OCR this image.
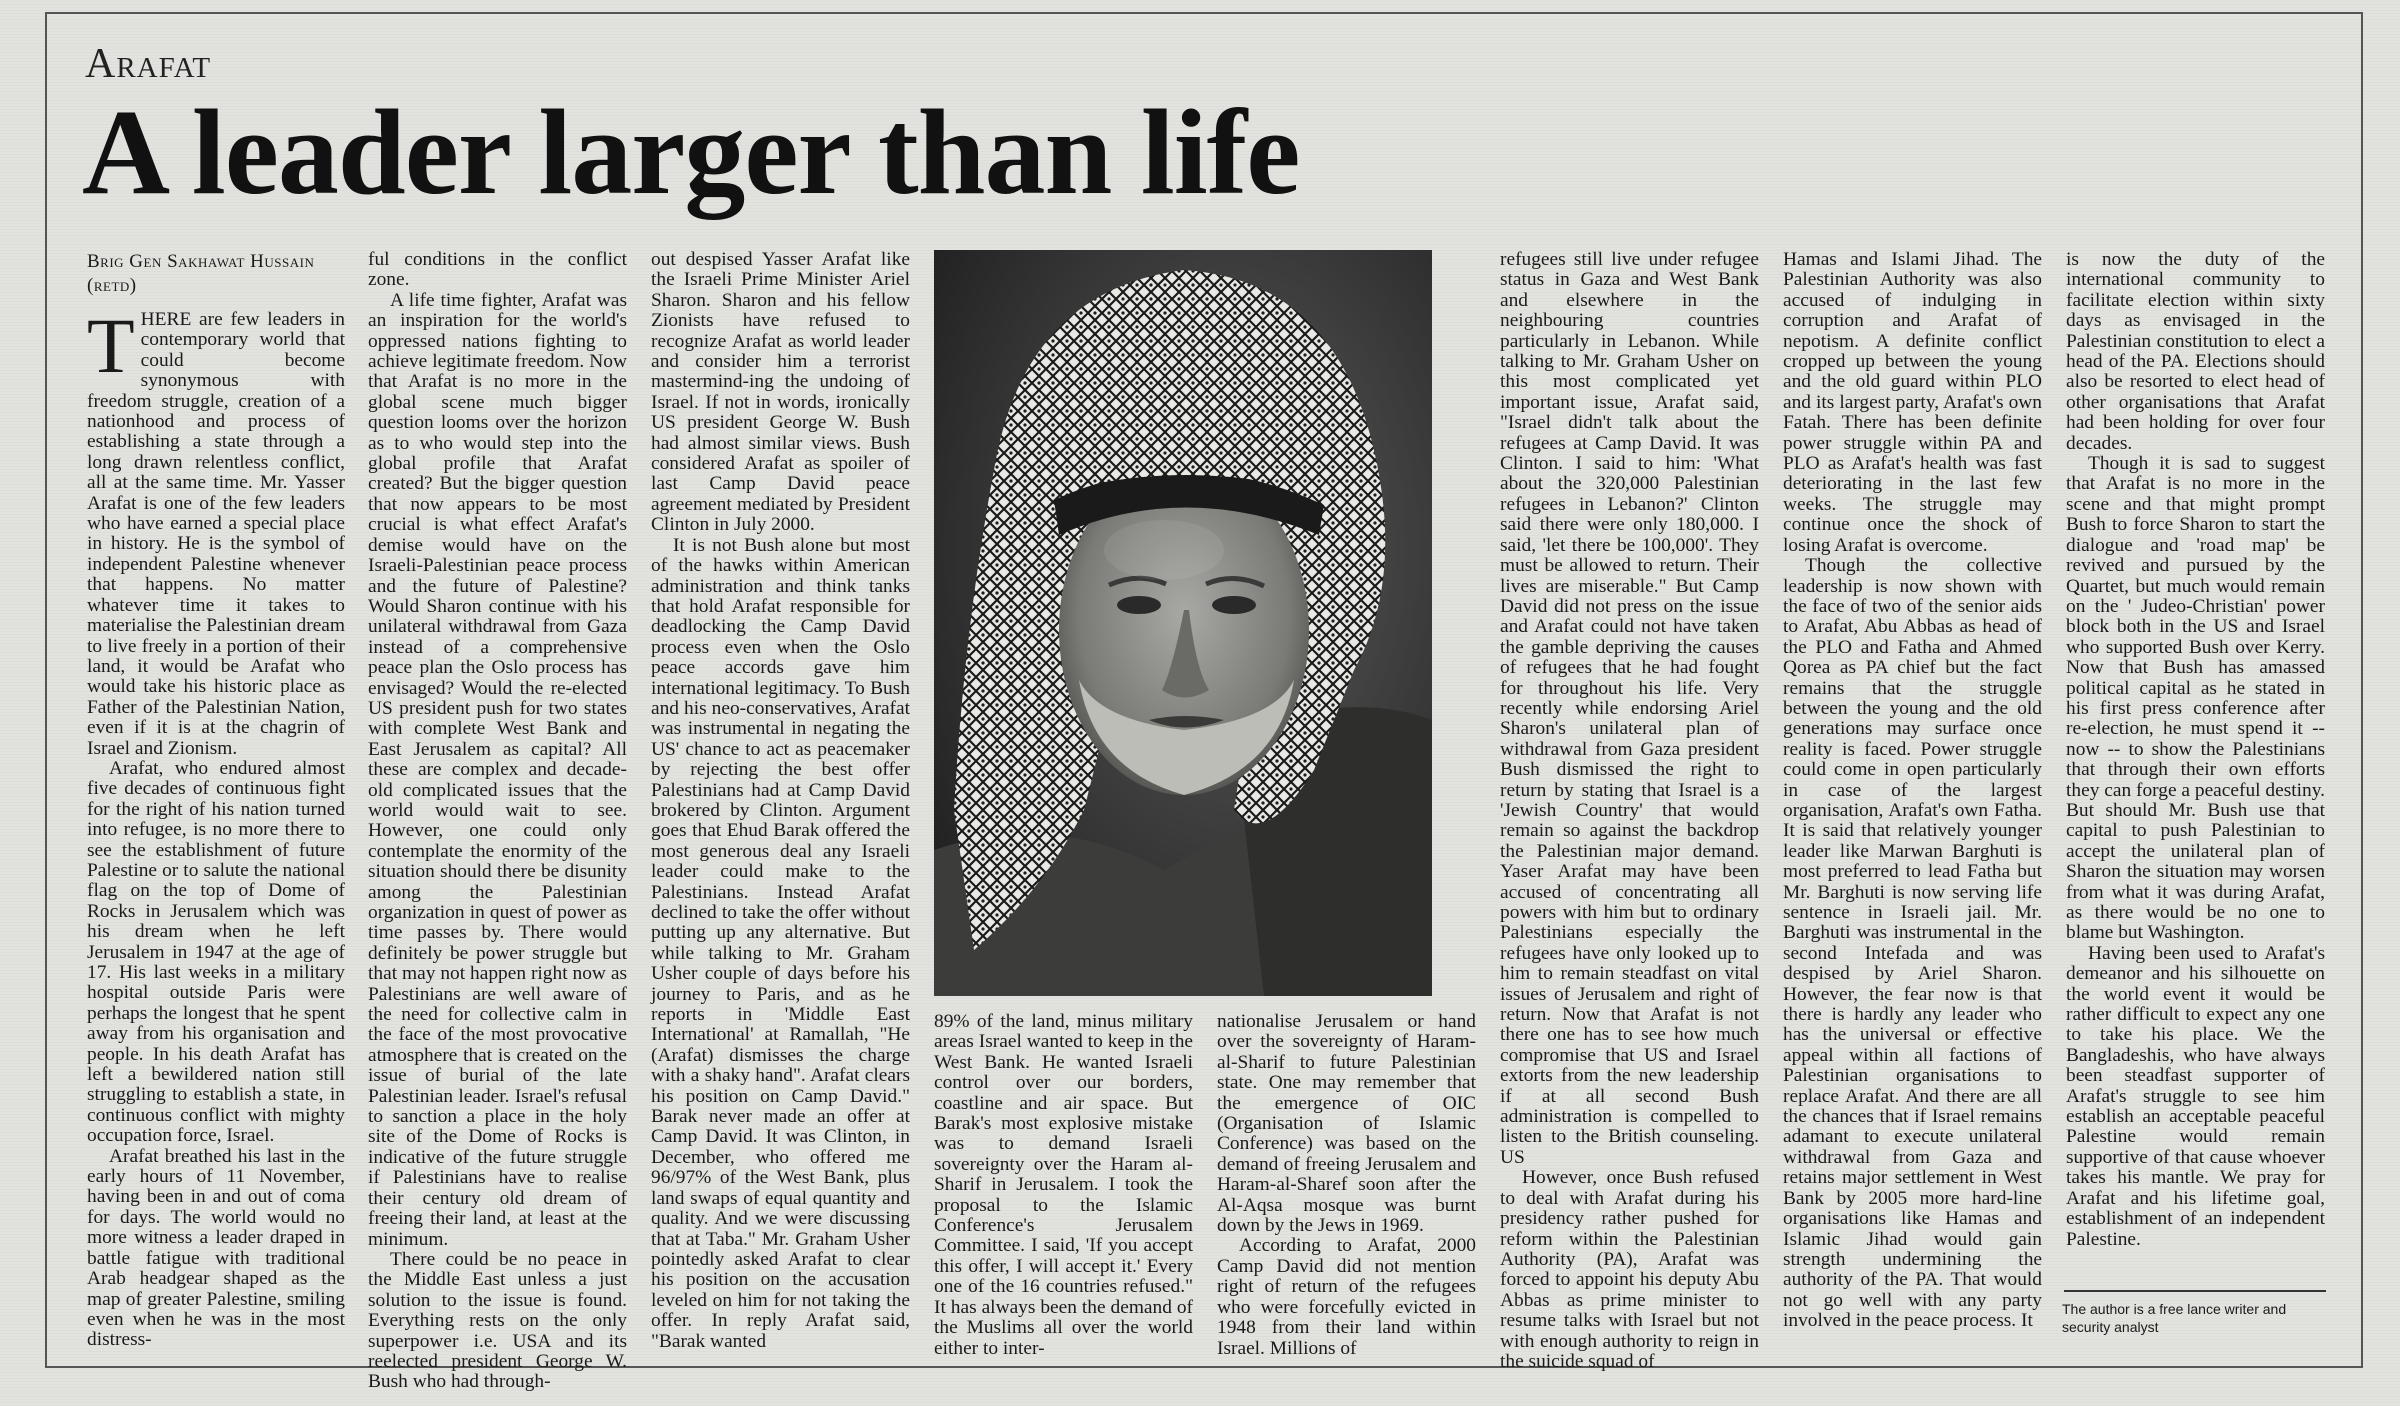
Arafat
A leader larger than life
Brig Gen Sakhawat Hussain
(retd)

THERE are few leaders in contemporary world that could become synonymous with freedom struggle, creation of a nationhood and process of establishing a state through a long drawn relentless conflict, all at the same time. Mr. Yasser Arafat is one of the few leaders who have earned a special place in history. He is the symbol of independent Palestine whenever that happens. No matter whatever time it takes to materialise the Palestinian dream to live freely in a portion of their land, it would be Arafat who would take his historic place as Father of the Palestinian Nation, even if it is at the chagrin of Israel and Zionism.

Arafat, who endured almost five decades of continuous fight for the right of his nation turned into refugee, is no more there to see the establishment of future Palestine or to salute the national flag on the top of Dome of Rocks in Jerusalem which was his dream when he left Jerusalem in 1947 at the age of 17. His last weeks in a military hospital outside Paris were perhaps the longest that he spent away from his organisation and people. In his death Arafat has left a bewildered nation still struggling to establish a state, in continuous conflict with mighty occupation force, Israel.

Arafat breathed his last in the early hours of 11 November, having been in and out of coma for days. The world would no more witness a leader draped in battle fatigue with traditional Arab headgear shaped as the map of greater Palestine, smiling even when he was in the most distress-

ful conditions in the conflict zone.

A life time fighter, Arafat was an inspiration for the world's oppressed nations fighting to achieve legitimate freedom. Now that Arafat is no more in the global scene much bigger question looms over the horizon as to who would step into the global profile that Arafat created? But the bigger question that now appears to be most crucial is what effect Arafat's demise would have on the Israeli-Palestinian peace process and the future of Palestine? Would Sharon continue with his unilateral withdrawal from Gaza instead of a comprehensive peace plan the Oslo process has envisaged? Would the re-elected US president push for two states with complete West Bank and East Jerusalem as capital? All these are complex and decade-old complicated issues that the world would wait to see. However, one could only contemplate the enormity of the situation should there be disunity among the Palestinian organization in quest of power as time passes by. There would definitely be power struggle but that may not happen right now as Palestinians are well aware of the need for collective calm in the face of the most provocative atmosphere that is created on the issue of burial of the late Palestinian leader. Israel's refusal to sanction a place in the holy site of the Dome of Rocks is indicative of the future struggle if Palestinians have to realise their century old dream of freeing their land, at least at the minimum.

There could be no peace in the Middle East unless a just solution to the issue is found. Everything rests on the only superpower i.e. USA and its reelected president George W. Bush who had through-

out despised Yasser Arafat like the Israeli Prime Minister Ariel Sharon. Sharon and his fellow Zionists have refused to recognize Arafat as world leader and consider him a terrorist mastermind-ing the undoing of Israel. If not in words, ironically US president George W. Bush had almost similar views. Bush considered Arafat as spoiler of last Camp David peace agreement mediated by President Clinton in July 2000.

It is not Bush alone but most of the hawks within American administration and think tanks that hold Arafat responsible for deadlocking the Camp David process even when the Oslo peace accords gave him international legitimacy. To Bush and his neo-conservatives, Arafat was instrumental in negating the US' chance to act as peacemaker by rejecting the best offer Palestinians had at Camp David brokered by Clinton. Argument goes that Ehud Barak offered the most generous deal any Israeli leader could make to the Palestinians. Instead Arafat declined to take the offer without putting up any alternative. But while talking to Mr. Graham Usher couple of days before his journey to Paris, and as he reports in 'Middle East International' at Ramallah, "He (Arafat) dismisses the charge with a shaky hand". Arafat clears his position on Camp David." Barak never made an offer at Camp David. It was Clinton, in December, who offered me 96/97% of the West Bank, plus land swaps of equal quantity and quality. And we were discussing that at Taba." Mr. Graham Usher pointedly asked Arafat to clear his position on the accusation leveled on him for not taking the offer. In reply Arafat said, "Barak wanted

89% of the land, minus military areas Israel wanted to keep in the West Bank. He wanted Israeli control over our borders, coastline and air space. But Barak's most explosive mistake was to demand Israeli sovereignty over the Haram al-Sharif in Jerusalem. I took the proposal to the Islamic Conference's Jerusalem Committee. I said, 'If you accept this offer, I will accept it.' Every one of the 16 countries refused." It has always been the demand of the Muslims all over the world either to inter-

nationalise Jerusalem or hand over the sovereignty of Haram-al-Sharif to future Palestinian state. One may remember that the emergence of OIC (Organisation of Islamic Conference) was based on the demand of freeing Jerusalem and Haram-al-Sharef soon after the Al-Aqsa mosque was burnt down by the Jews in 1969.

According to Arafat, 2000 Camp David did not mention right of return of the refugees who were forcefully evicted in 1948 from their land within Israel. Millions of

refugees still live under refugee status in Gaza and West Bank and elsewhere in the neighbouring countries particularly in Lebanon. While talking to Mr. Graham Usher on this most complicated yet important issue, Arafat said, "Israel didn't talk about the refugees at Camp David. It was Clinton. I said to him: 'What about the 320,000 Palestinian refugees in Lebanon?' Clinton said there were only 180,000. I said, 'let there be 100,000'. They must be allowed to return. Their lives are miserable." But Camp David did not press on the issue and Arafat could not have taken the gamble depriving the causes of refugees that he had fought for throughout his life. Very recently while endorsing Ariel Sharon's unilateral plan of withdrawal from Gaza president Bush dismissed the right to return by stating that Israel is a 'Jewish Country' that would remain so against the backdrop the Palestinian major demand. Yaser Arafat may have been accused of concentrating all powers with him but to ordinary Palestinians especially the refugees have only looked up to him to remain steadfast on vital issues of Jerusalem and right of return. Now that Arafat is not there one has to see how much compromise that US and Israel extorts from the new leadership if at all second Bush administration is compelled to listen to the British counseling. US

However, once Bush refused to deal with Arafat during his presidency rather pushed for reform within the Palestinian Authority (PA), Arafat was forced to appoint his deputy Abu Abbas as prime minister to resume talks with Israel but not with enough authority to reign in the suicide squad of

Hamas and Islami Jihad. The Palestinian Authority was also accused of indulging in corruption and Arafat of nepotism. A definite conflict cropped up between the young and the old guard within PLO and its largest party, Arafat's own Fatah. There has been definite power struggle within PA and PLO as Arafat's health was fast deteriorating in the last few weeks. The struggle may continue once the shock of losing Arafat is overcome.

Though the collective leadership is now shown with the face of two of the senior aids to Arafat, Abu Abbas as head of the PLO and Fatha and Ahmed Qorea as PA chief but the fact remains that the struggle between the young and the old generations may surface once reality is faced. Power struggle could come in open particularly in case of the largest organisation, Arafat's own Fatha. It is said that relatively younger leader like Marwan Barghuti is most preferred to lead Fatha but Mr. Barghuti is now serving life sentence in Israeli jail. Mr. Barghuti was instrumental in the second Intefada and was despised by Ariel Sharon. However, the fear now is that there is hardly any leader who has the universal or effective appeal within all factions of Palestinian organisations to replace Arafat. And there are all the chances that if Israel remains adamant to execute unilateral withdrawal from Gaza and retains major settlement in West Bank by 2005 more hard-line organisations like Hamas and Islamic Jihad would gain strength undermining the authority of the PA. That would not go well with any party involved in the peace process. It

is now the duty of the international community to facilitate election within sixty days as envisaged in the Palestinian constitution to elect a head of the PA. Elections should also be resorted to elect head of other organisations that Arafat had been holding for over four decades.

Though it is sad to suggest that Arafat is no more in the scene and that might prompt Bush to force Sharon to start the dialogue and 'road map' be revived and pursued by the Quartet, but much would remain on the ' Judeo-Christian' power block both in the US and Israel who supported Bush over Kerry. Now that Bush has amassed political capital as he stated in his first press conference after re-election, he must spend it -- now -- to show the Palestinians that through their own efforts they can forge a peaceful destiny. But should Mr. Bush use that capital to push Palestinian to accept the unilateral plan of Sharon the situation may worsen from what it was during Arafat, as there would be no one to blame but Washington.

Having been used to Arafat's demeanor and his silhouette on the world event it would be rather difficult to expect any one to take his place. We the Bangladeshis, who have always been steadfast supporter of Arafat's struggle to see him establish an acceptable peaceful Palestine would remain supportive of that cause whoever takes his mantle. We pray for Arafat and his lifetime goal, establishment of an independent Palestine.

The author is a free lance writer and security analyst
